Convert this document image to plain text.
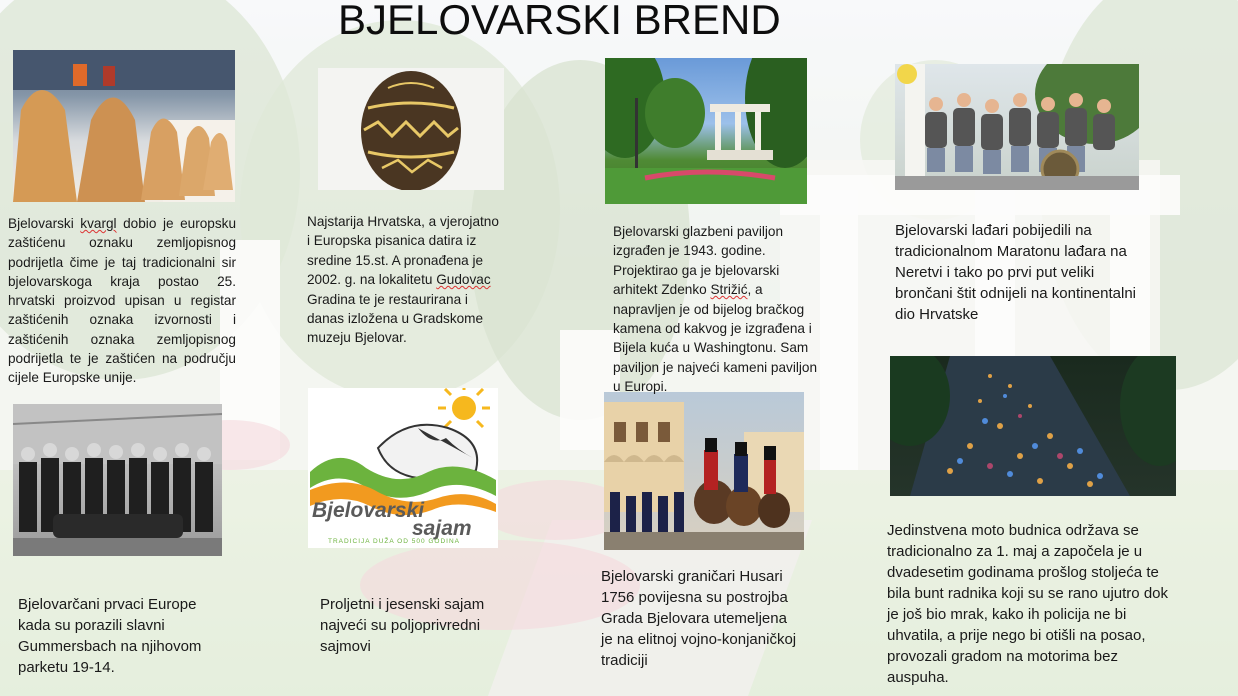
BJELOVARSKI BREND
Bjelovarski
sajam
TRADICIJA DUŽA OD 500 GODINA
Bjelovarski kvargl dobio je europsku zaštićenu oznaku zemljopisnog podrijetla čime je taj tradicionalni sir bjelovarskoga kraja postao 25. hrvatski proizvod upisan u registar zaštićenih oznaka izvornosti i zaštićenih oznaka zemljopisnog podrijetla te je zaštićen na području cijele Europske unije.
Najstarija Hrvatska, a vjerojatno i Europska pisanica datira iz sredine 15.st. A pronađena je 2002. g. na lokalitetu Gudovac Gradina te je restaurirana i danas izložena u Gradskome muzeju Bjelovar.
Bjelovarski glazbeni paviljon izgrađen je 1943. godine. Projektirao ga je bjelovarski arhitekt Zdenko Strižić, a napravljen je od bijelog bračkog kamena od kakvog je izgrađena i Bijela kuća u Washingtonu. Sam paviljon je najveći kameni paviljon u Europi.
Bjelovarski lađari pobijedili na tradicionalnom Maratonu lađara na Neretvi i tako po prvi put veliki brončani štit odnijeli na kontinentalni dio Hrvatske
Bjelovarčani prvaci Europe kada su porazili slavni Gummersbach na njihovom parketu 19-14.
Proljetni i jesenski sajam najveći su poljoprivredni sajmovi
Bjelovarski graničari Husari 1756 povijesna su postrojba Grada Bjelovara utemeljena je na elitnoj vojno-konjaničkoj tradiciji
Jedinstvena moto budnica održava se tradicionalno za 1. maj a započela je u dvadesetim godinama prošlog stoljeća te bila bunt radnika koji su se rano ujutro dok je još bio mrak, kako ih policija ne bi uhvatila, a prije nego bi otišli na posao, provozali gradom na motorima bez auspuha.
